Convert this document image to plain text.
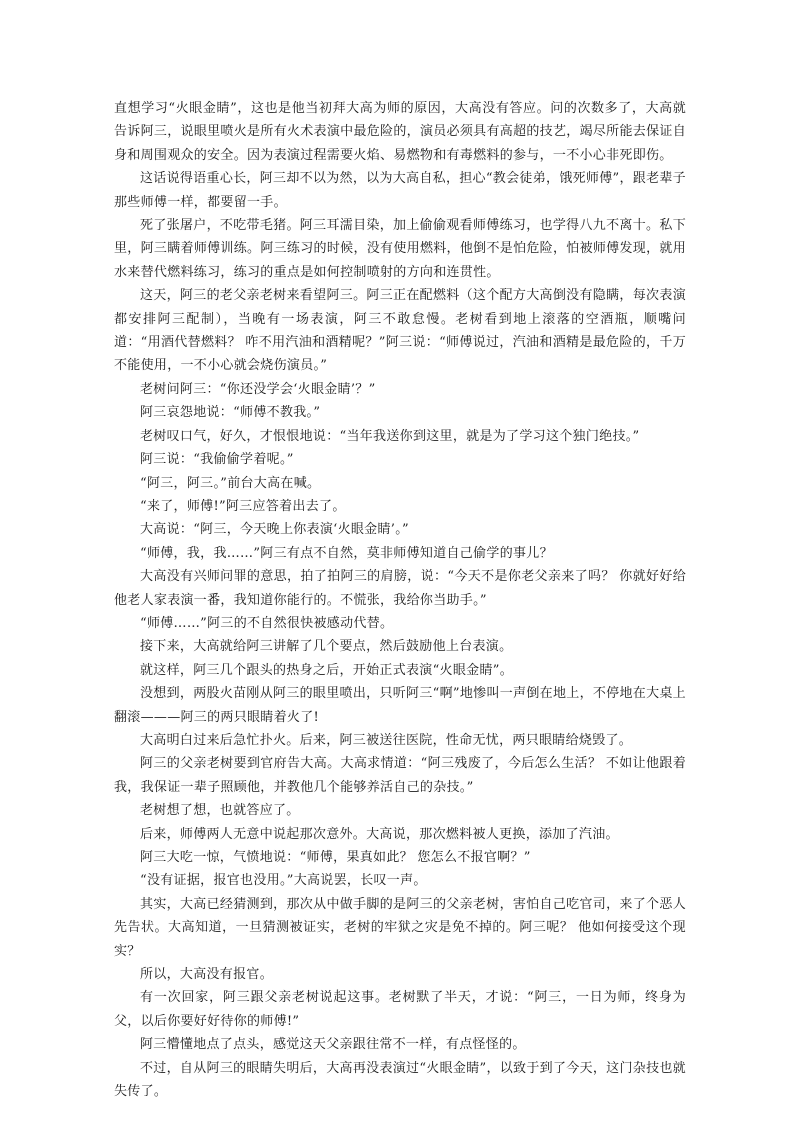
直想学习“火眼金睛”，这也是他当初拜大高为师的原因，大高没有答应。问的次数多了，大高就告诉阿三，说眼里喷火是所有火术表演中最危险的，演员必须具有高超的技艺，竭尽所能去保证自身和周围观众的安全。因为表演过程需要火焰、易燃物和有毒燃料的参与，一不小心非死即伤。

这话说得语重心长，阿三却不以为然，以为大高自私，担心“教会徒弟，饿死师傅”，跟老辈子那些师傅一样，都要留一手。

死了张屠户，不吃带毛猪。阿三耳濡目染，加上偷偷观看师傅练习，也学得八九不离十。私下里，阿三瞒着师傅训练。阿三练习的时候，没有使用燃料，他倒不是怕危险，怕被师傅发现，就用水来替代燃料练习，练习的重点是如何控制喷射的方向和连贯性。

这天，阿三的老父亲老树来看望阿三。阿三正在配燃料（这个配方大高倒没有隐瞒，每次表演都安排阿三配制），当晚有一场表演，阿三不敢怠慢。老树看到地上滚落的空酒瓶，顺嘴问道：“用酒代替燃料？ 咋不用汽油和酒精呢？”阿三说：“师傅说过，汽油和酒精是最危险的，千万不能使用，一不小心就会烧伤演员。”

老树问阿三：“你还没学会‘火眼金睛’？”

阿三哀怨地说：“师傅不教我。”

老树叹口气，好久，才恨恨地说：“当年我送你到这里，就是为了学习这个独门绝技。”

阿三说：“我偷偷学着呢。”

“阿三，阿三。”前台大高在喊。

“来了，师傅!”阿三应答着出去了。

大高说：“阿三，今天晚上你表演‘火眼金睛’。”

“师傅，我，我……”阿三有点不自然，莫非师傅知道自己偷学的事儿？

大高没有兴师问罪的意思，拍了拍阿三的肩膀，说：“今天不是你老父亲来了吗？ 你就好好给他老人家表演一番，我知道你能行的。不慌张，我给你当助手。”

“师傅……”阿三的不自然很快被感动代替。

接下来，大高就给阿三讲解了几个要点，然后鼓励他上台表演。

就这样，阿三几个跟头的热身之后，开始正式表演“火眼金睛”。

没想到，两股火苗刚从阿三的眼里喷出，只听阿三“啊”地惨叫一声倒在地上，不停地在大桌上翻滚———阿三的两只眼睛着火了!

大高明白过来后急忙扑火。后来，阿三被送往医院，性命无忧，两只眼睛给烧毁了。

阿三的父亲老树要到官府告大高。大高求情道：“阿三残废了，今后怎么生活？ 不如让他跟着我，我保证一辈子照顾他，并教他几个能够养活自己的杂技。”

老树想了想，也就答应了。

后来，师傅两人无意中说起那次意外。大高说，那次燃料被人更换，添加了汽油。

阿三大吃一惊，气愤地说：“师傅，果真如此？ 您怎么不报官啊？”

“没有证据，报官也没用。”大高说罢，长叹一声。

其实，大高已经猜测到，那次从中做手脚的是阿三的父亲老树，害怕自己吃官司，来了个恶人先告状。大高知道，一旦猜测被证实，老树的牢狱之灾是免不掉的。阿三呢？ 他如何接受这个现实？

所以，大高没有报官。

有一次回家，阿三跟父亲老树说起这事。老树默了半天，才说：“阿三，一日为师，终身为父，以后你要好好待你的师傅!”

阿三懵懂地点了点头，感觉这天父亲跟往常不一样，有点怪怪的。

不过，自从阿三的眼睛失明后，大高再没表演过“火眼金睛”，以致于到了今天，这门杂技也就失传了。
